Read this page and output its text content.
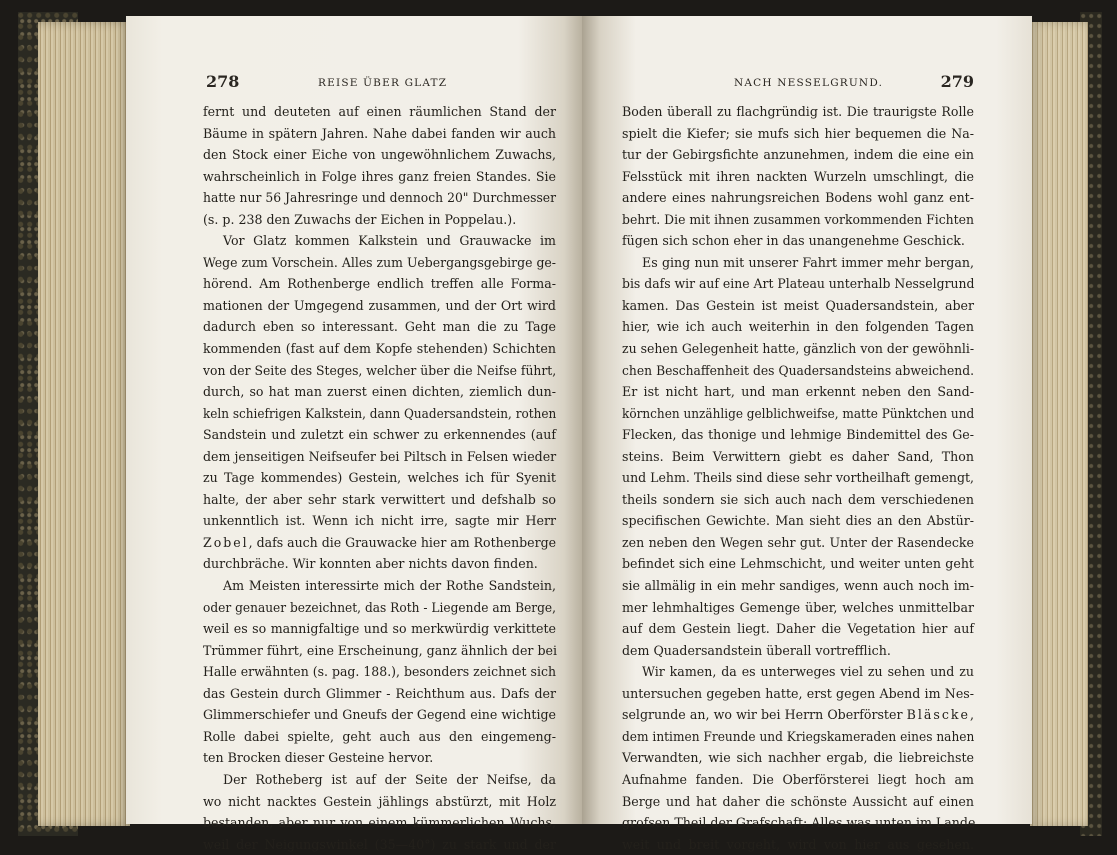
278	REISE ÜBER GLATZ	NACH NESSELGRUND.	279
fernt und deuteten auf einen räumlichen Stand der
Bäume in spätern Jahren. Nahe dabei fanden wir auch
den Stock einer Eiche von ungewöhnlichem Zuwachs,
wahrscheinlich in Folge ihres ganz freien Standes. Sie
hatte nur 56 Jahresringe und dennoch 20" Durchmesser
(s. p. 238 den Zuwachs der Eichen in Poppelau.).
Vor Glatz kommen Kalkstein und Grauwacke im
Wege zum Vorschein. Alles zum Uebergangsgebirge ge-
hörend. Am Rothenberge endlich treffen alle Forma-
mationen der Umgegend zusammen, und der Ort wird
dadurch eben so interessant. Geht man die zu Tage
kommenden (fast auf dem Kopfe stehenden) Schichten
von der Seite des Steges, welcher über die Neifse führt,
durch, so hat man zuerst einen dichten, ziemlich dun-
keln schiefrigen Kalkstein, dann Quadersandstein, rothen
Sandstein und zuletzt ein schwer zu erkennendes (auf
dem jenseitigen Neifseufer bei Piltsch in Felsen wieder
zu Tage kommendes) Gestein, welches ich für Syenit
halte, der aber sehr stark verwittert und defshalb so
unkenntlich ist. Wenn ich nicht irre, sagte mir Herr
Zobel, dafs auch die Grauwacke hier am Rothenberge
durchbräche. Wir konnten aber nichts davon finden.
Am Meisten interessirte mich der Rothe Sandstein,
oder genauer bezeichnet, das Roth - Liegende am Berge,
weil es so mannigfaltige und so merkwürdig verkittete
Trümmer führt, eine Erscheinung, ganz ähnlich der bei
Halle erwähnten (s. pag. 188.), besonders zeichnet sich
das Gestein durch Glimmer - Reichthum aus. Dafs der
Glimmerschiefer und Gneufs der Gegend eine wichtige
Rolle dabei spielte, geht auch aus den eingemeng-
ten Brocken dieser Gesteine hervor.
Der Rotheberg ist auf der Seite der Neifse, da
wo nicht nacktes Gestein jählings abstürzt, mit Holz
bestanden, aber nur von einem kümmerlichen Wuchs,
weil der Neigungswinkel (35—40°) zu stark und der
Boden überall zu flachgründig ist. Die traurigste Rolle
spielt die Kiefer; sie mufs sich hier bequemen die Na-
tur der Gebirgsfichte anzunehmen, indem die eine ein
Felsstück mit ihren nackten Wurzeln umschlingt, die
andere eines nahrungsreichen Bodens wohl ganz ent-
behrt. Die mit ihnen zusammen vorkommenden Fichten
fügen sich schon eher in das unangenehme Geschick.
Es ging nun mit unserer Fahrt immer mehr bergan,
bis dafs wir auf eine Art Plateau unterhalb Nesselgrund
kamen. Das Gestein ist meist Quadersandstein, aber
hier, wie ich auch weiterhin in den folgenden Tagen
zu sehen Gelegenheit hatte, gänzlich von der gewöhnli-
chen Beschaffenheit des Quadersandsteins abweichend.
Er ist nicht hart, und man erkennt neben den Sand-
körnchen unzählige gelblichweifse, matte Pünktchen und
Flecken, das thonige und lehmige Bindemittel des Ge-
steins. Beim Verwittern giebt es daher Sand, Thon
und Lehm. Theils sind diese sehr vortheilhaft gemengt,
theils sondern sie sich auch nach dem verschiedenen
specifischen Gewichte. Man sieht dies an den Abstür-
zen neben den Wegen sehr gut. Unter der Rasendecke
befindet sich eine Lehmschicht, und weiter unten geht
sie allmälig in ein mehr sandiges, wenn auch noch im-
mer lehmhaltiges Gemenge über, welches unmittelbar
auf dem Gestein liegt. Daher die Vegetation hier auf
dem Quadersandstein überall vortrefflich.
Wir kamen, da es unterweges viel zu sehen und zu
untersuchen gegeben hatte, erst gegen Abend im Nes-
selgrunde an, wo wir bei Herrn Oberförster Bläscke,
dem intimen Freunde und Kriegskameraden eines nahen
Verwandten, wie sich nachher ergab, die liebreichste
Aufnahme fanden. Die Oberförsterei liegt hoch am
Berge und hat daher die schönste Aussicht auf einen
grofsen Theil der Grafschaft; Alles was unten im Lande
weit und breit vorgeht, wird von hier aus gesehen.
